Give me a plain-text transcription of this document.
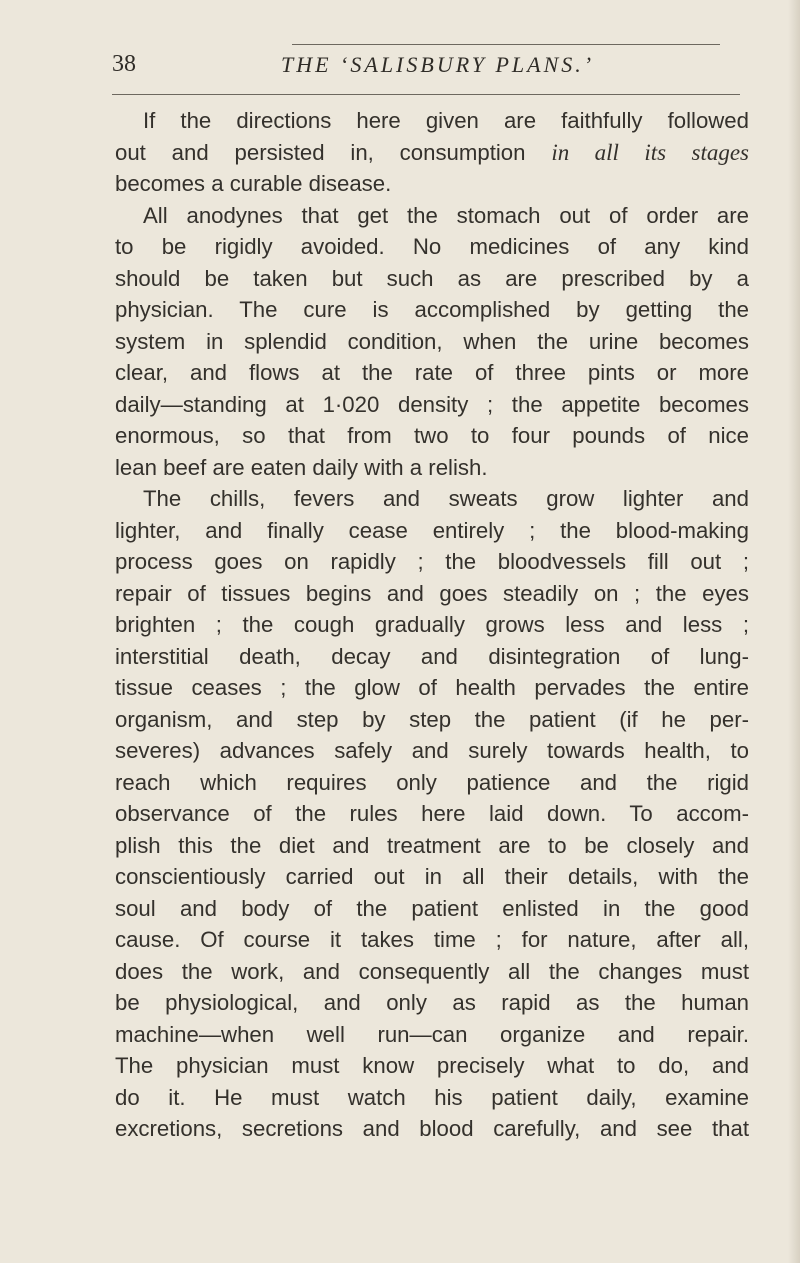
38	THE ‘SALISBURY PLANS.’
If the directions here given are faithfully followed
out and persisted in, consumption in all its stages
becomes a curable disease.
All anodynes that get the stomach out of order are
to be rigidly avoided. No medicines of any kind
should be taken but such as are prescribed by a
physician. The cure is accomplished by getting the
system in splendid condition, when the urine becomes
clear, and flows at the rate of three pints or more
daily—standing at 1·020 density ; the appetite becomes
enormous, so that from two to four pounds of nice
lean beef are eaten daily with a relish.
The chills, fevers and sweats grow lighter and
lighter, and finally cease entirely ; the blood-making
process goes on rapidly ; the bloodvessels fill out ;
repair of tissues begins and goes steadily on ; the eyes
brighten ; the cough gradually grows less and less ;
interstitial death, decay and disintegration of lung-
tissue ceases ; the glow of health pervades the entire
organism, and step by step the patient (if he per-
severes) advances safely and surely towards health, to
reach which requires only patience and the rigid
observance of the rules here laid down. To accom-
plish this the diet and treatment are to be closely and
conscientiously carried out in all their details, with the
soul and body of the patient enlisted in the good
cause. Of course it takes time ; for nature, after all,
does the work, and consequently all the changes must
be physiological, and only as rapid as the human
machine—when well run—can organize and repair.
The physician must know precisely what to do, and
do it. He must watch his patient daily, examine
excretions, secretions and blood carefully, and see that
